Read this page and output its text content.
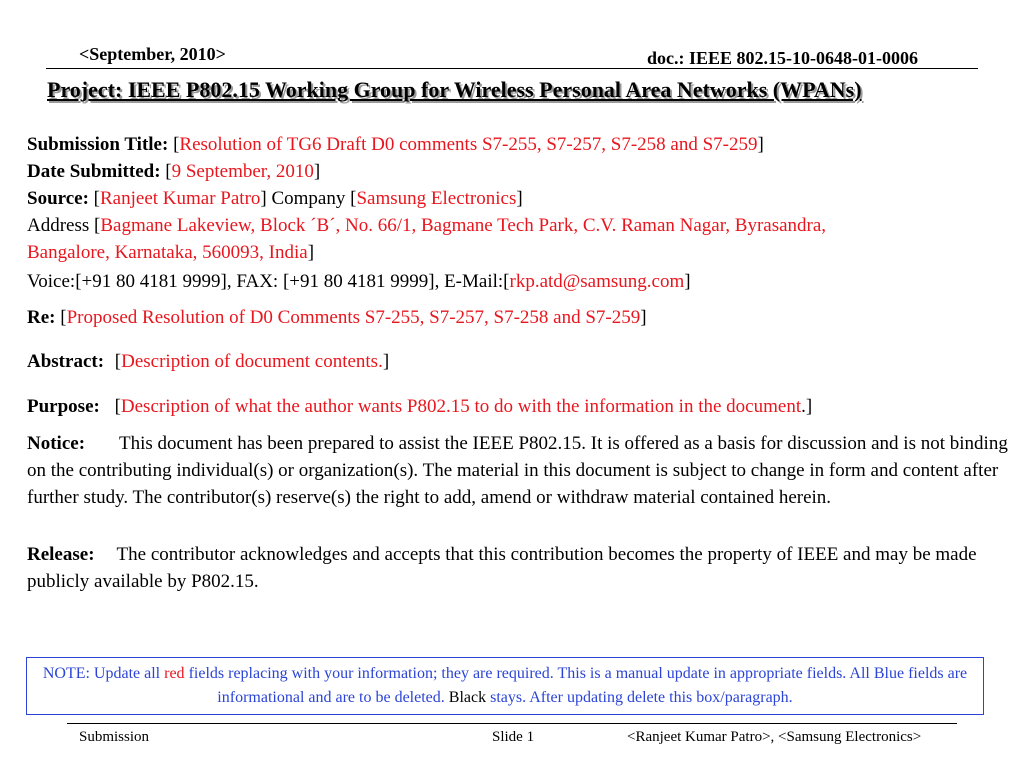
<September, 2010>	doc.: IEEE 802.15-10-0648-01-0006
Project: IEEE P802.15 Working Group for Wireless Personal Area Networks (WPANs)
Submission Title: [Resolution of TG6 Draft D0 comments S7-255, S7-257, S7-258 and S7-259]
Date Submitted: [9 September, 2010]
Source: [Ranjeet Kumar Patro] Company [Samsung Electronics]
Address [Bagmane Lakeview, Block ´B´, No. 66/1, Bagmane Tech Park, C.V. Raman Nagar, Byrasandra,
Bangalore, Karnataka, 560093, India]
Voice:[+91 80 4181 9999], FAX: [+91 80 4181 9999], E-Mail:[rkp.atd@samsung.com]
Re: [Proposed Resolution of D0 Comments S7-255, S7-257, S7-258 and S7-259]
Abstract: [Description of document contents.]
Purpose: [Description of what the author wants P802.15 to do with the information in the document.]
Notice: This document has been prepared to assist the IEEE P802.15. It is offered as a basis for discussion and is not binding on the contributing individual(s) or organization(s). The material in this document is subject to change in form and content after further study. The contributor(s) reserve(s) the right to add, amend or withdraw material contained herein.
Release: The contributor acknowledges and accepts that this contribution becomes the property of IEEE and may be made publicly available by P802.15.
NOTE: Update all red fields replacing with your information; they are required. This is a manual update in appropriate fields. All Blue fields are informational and are to be deleted. Black stays. After updating delete this box/paragraph.
Submission	Slide 1	<Ranjeet Kumar Patro>, <Samsung Electronics>
